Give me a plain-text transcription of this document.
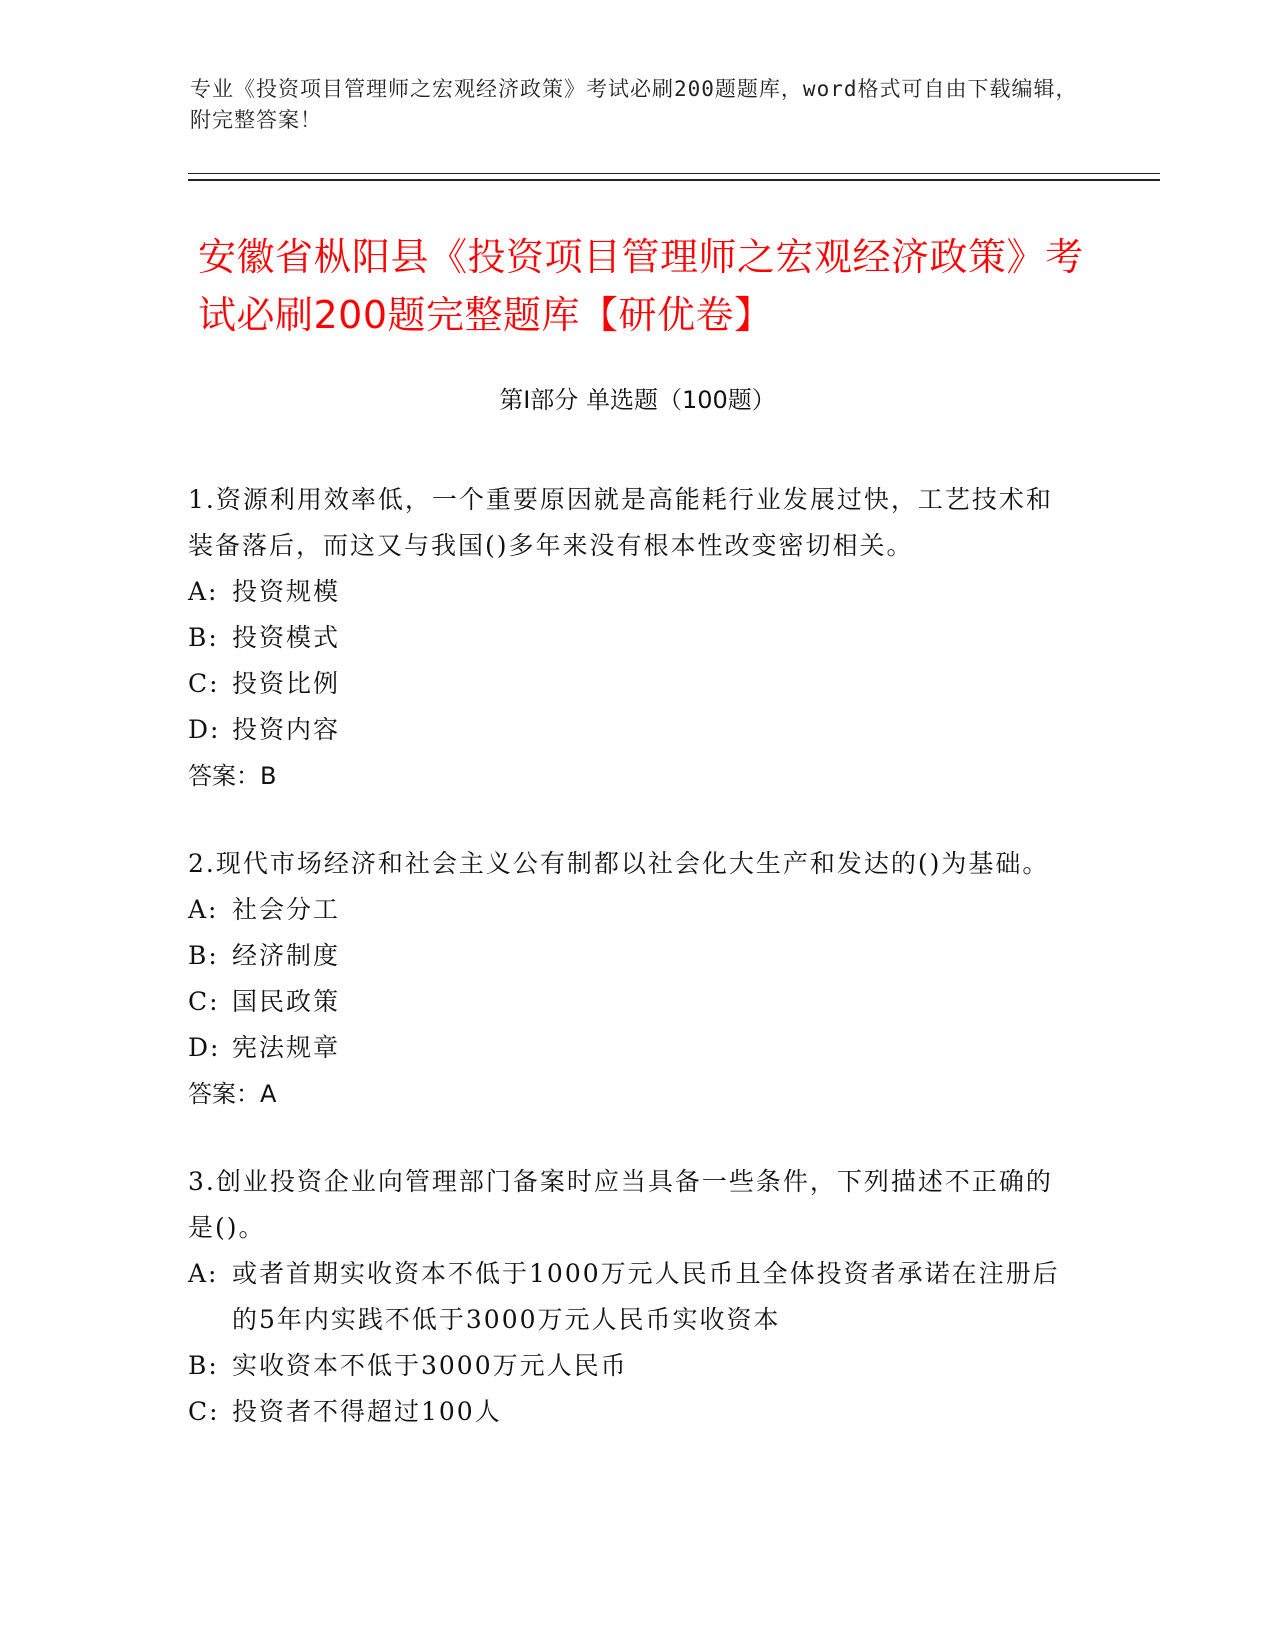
专业《投资项目管理师之宏观经济政策》考试必刷200题题库，word格式可自由下载编辑，附完整答案！
安徽省枞阳县《投资项目管理师之宏观经济政策》考试必刷200题完整题库【研优卷】
第Ⅰ部分 单选题（100题）
1.资源利用效率低，一个重要原因就是高能耗行业发展过快，工艺技术和装备落后，而这又与我国()多年来没有根本性改变密切相关。
A: 投资规模
B: 投资模式
C: 投资比例
D: 投资内容
答案：B
2.现代市场经济和社会主义公有制都以社会化大生产和发达的()为基础。
A: 社会分工
B: 经济制度
C: 国民政策
D: 宪法规章
答案：A
3.创业投资企业向管理部门备案时应当具备一些条件，下列描述不正确的是()。
A: 或者首期实收资本不低于1000万元人民币且全体投资者承诺在注册后的5年内实践不低于3000万元人民币实收资本
B: 实收资本不低于3000万元人民币
C: 投资者不得超过100人
